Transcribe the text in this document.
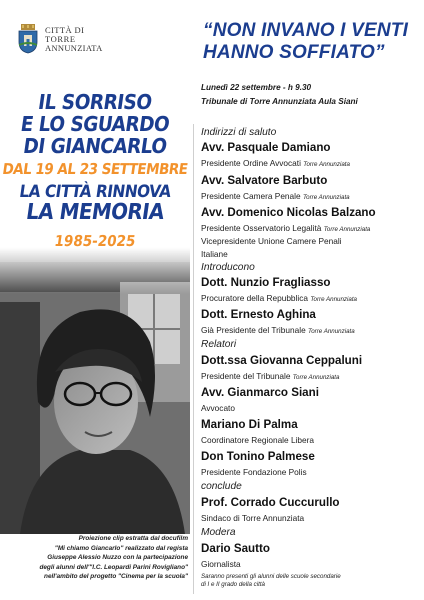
CITTÀ DI
TORRE
ANNUNZIATA
IL SORRISO
E LO SGUARDO
DI GIANCARLO
DAL 19 AL 23 SETTEMBRE
LA CITTÀ RINNOVA
LA MEMORIA
1985-2025
Proiezione clip estratta dal docufilm
"Mi chiamo Giancarlo" realizzato dal regista
Giuseppe Alessio Nuzzo con la partecipazione
degli alunni dell'"I.C. Leopardi Parini Rovigliano"
nell'ambito del progetto "Cinema per la scuola"
“NON INVANO I VENTI
HANNO SOFFIATO”
Lunedì 22 settembre - h 9.30
Tribunale di Torre Annunziata Aula Siani
Indirizzi di saluto
Avv. Pasquale Damiano
Presidente Ordine Avvocati Torre Annunziata
Avv. Salvatore Barbuto
Presidente Camera Penale Torre Annunziata
Avv. Domenico Nicolas Balzano
Presidente Osservatorio Legalità Torre Annunziata
Vicepresidente Unione Camere Penali
Italiane
Introducono
Dott. Nunzio Fragliasso
Procuratore della Repubblica Torre Annunziata
Dott. Ernesto Aghina
Già Presidente del Tribunale Torre Annunziata
Relatori
Dott.ssa Giovanna Ceppaluni
Presidente del Tribunale Torre Annunziata
Avv. Gianmarco Siani
Avvocato
Mariano Di Palma
Coordinatore Regionale Libera
Don Tonino Palmese
Presidente Fondazione Polis
conclude
Prof. Corrado Cuccurullo
Sindaco di Torre Annunziata
Modera
Dario Sautto
Giornalista
Saranno presenti gli alunni delle scuole secondarie
di I e II grado della città
